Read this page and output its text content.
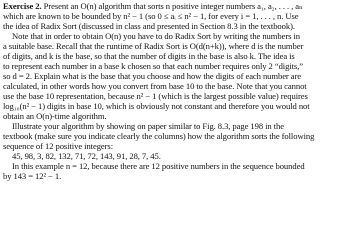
Exercise 2. Present an O(n) algorithm that sorts n positive integer numbers a₁, a₂, . . . , aₙ
which are known to be bounded by n² − 1 (so 0 ≤ aᵢ ≤ n² − 1, for every i = 1, . . . , n. Use
the idea of Radix Sort (discussed in class and presented in Section 8.3 in the textbook).
Note that in order to obtain O(n) you have to do Radix Sort by writing the numbers in
a suitable base. Recall that the runtime of Radix Sort is O(d(n+k)), where d is the number
of digits, and k is the base, so that the number of digits in the base is also k. The idea is
to represent each number in a base k chosen so that each number requires only 2 “digits,”
so d = 2. Explain what is the base that you choose and how the digits of each number are
calculated, in other words how you convert from base 10 to the base. Note that you cannot
use the base 10 representation, because n² − 1 (which is the largest possible value) requires
log₁₀(n² − 1) digits in base 10, which is obviously not constant and therefore you would not
obtain an O(n)-time algorithm.
Illustrate your algorithm by showing on paper similar to Fig. 8.3, page 198 in the
textbook (make sure you indicate clearly the columns) how the algorithm sorts the following
sequence of 12 positive integers:
45, 98, 3, 82, 132, 71, 72, 143, 91, 28, 7, 45.
In this example n = 12, because there are 12 positive numbers in the sequence bounded
by 143 = 12² − 1.
